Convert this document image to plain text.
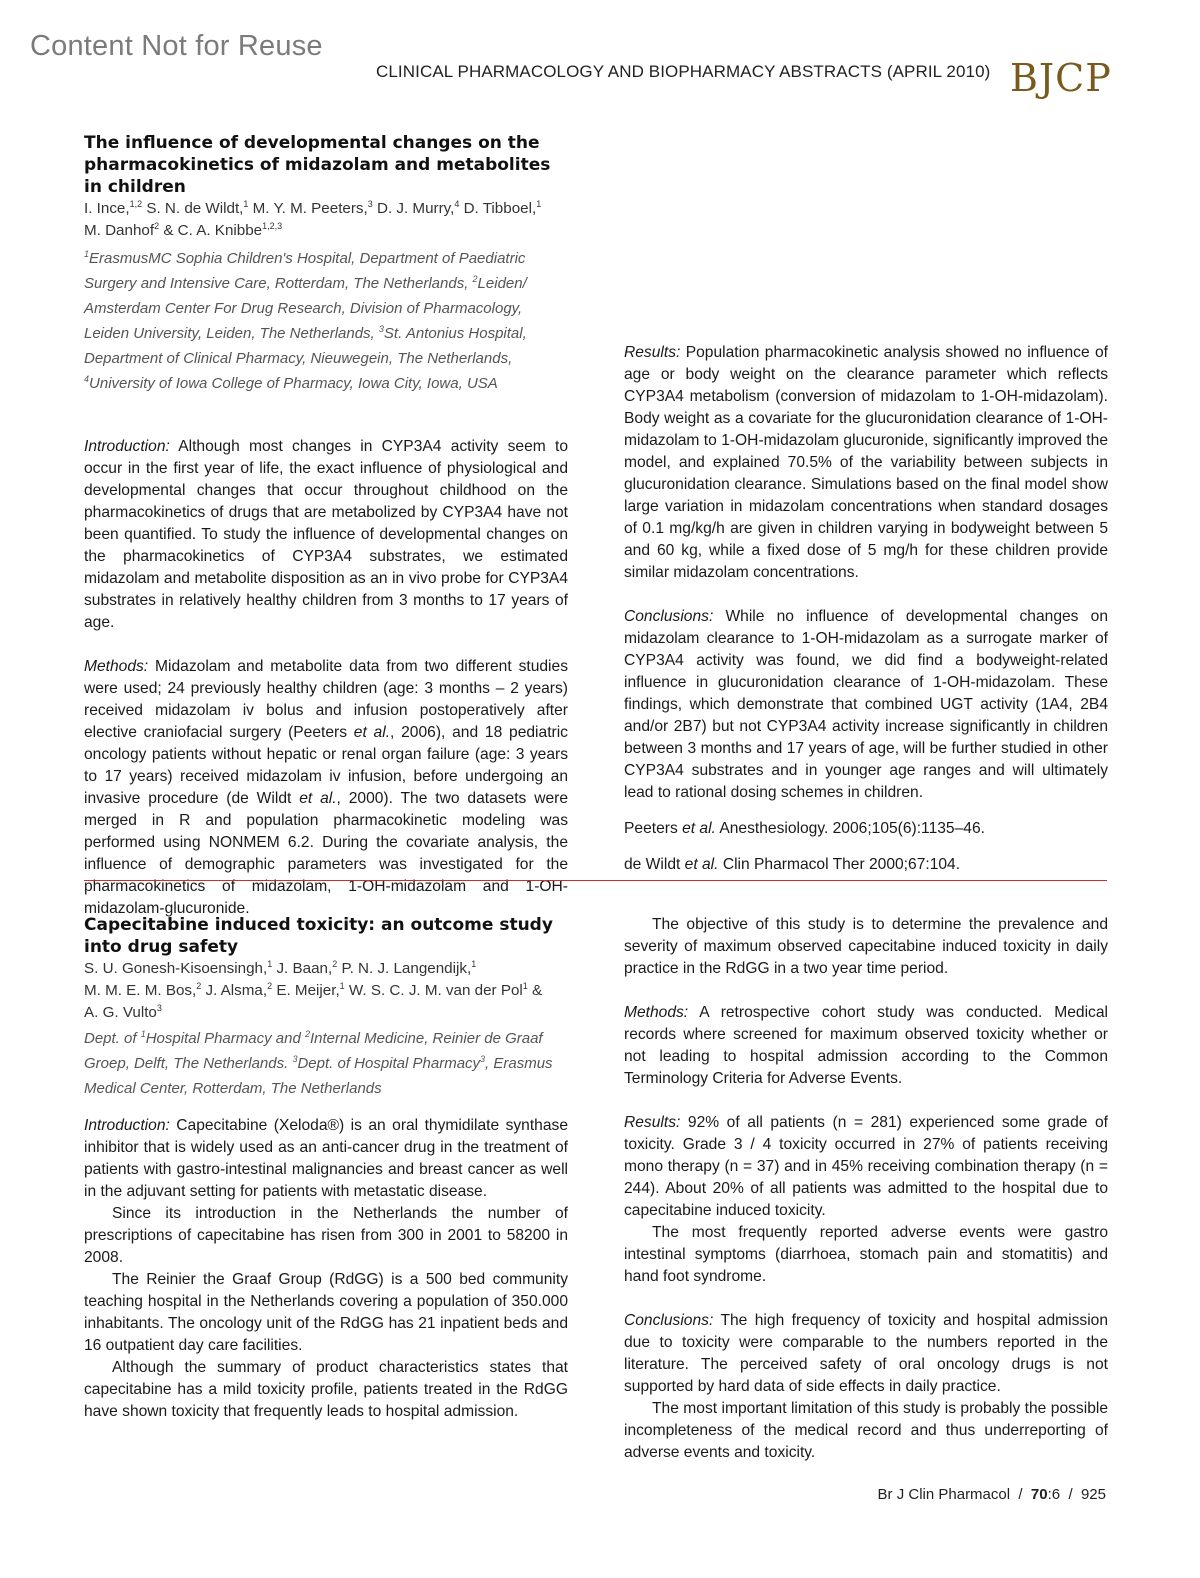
Content Not for Reuse
CLINICAL PHARMACOLOGY AND BIOPHARMACY ABSTRACTS (APRIL 2010) BJCP

The influence of developmental changes on the pharmacokinetics of midazolam and metabolites in children

I. Ince,$^{1,2}$ S. N. de Wildt,$^1$ M. Y. M. Peeters,$^3$ D. J. Murry,$^4$ D. Tibboel,$^1$
M. Danhof$^2$ & C. A. Knibbe$^{1,2,3}$

$^1$ErasmusMC Sophia Children's Hospital, Department of Paediatric Surgery and Intensive Care, Rotterdam, The Netherlands, $^2$Leiden/ Amsterdam Center For Drug Research, Division of Pharmacology, Leiden University, Leiden, The Netherlands, $^3$St. Antonius Hospital, Department of Clinical Pharmacy, Nieuwegein, The Netherlands, $^4$University of Iowa College of Pharmacy, Iowa City, Iowa, USA

Introduction: Although most changes in CYP3A4 activity seem to occur in the first year of life, the exact influence of physiological and developmental changes that occur throughout childhood on the pharmacokinetics of drugs that are metabolized by CYP3A4 have not been quantified. To study the influence of developmental changes on the pharmacokinetics of CYP3A4 substrates, we estimated midazolam and metabolite disposition as an in vivo probe for CYP3A4 substrates in relatively healthy children from 3 months to 17 years of age.

Methods: Midazolam and metabolite data from two different studies were used; 24 previously healthy children (age: 3 months – 2 years) received midazolam iv bolus and infusion postoperatively after elective craniofacial surgery (Peeters et al., 2006), and 18 pediatric oncology patients without hepatic or renal organ failure (age: 3 years to 17 years) received midazolam iv infusion, before undergoing an invasive procedure (de Wildt et al., 2000). The two datasets were merged in R and population pharmacokinetic modeling was performed using NONMEM 6.2. During the covariate analysis, the influence of demographic parameters was investigated for the pharmacokinetics of midazolam, 1-OH-midazolam and 1-OH-midazolam-glucuronide.

Results: Population pharmacokinetic analysis showed no influence of age or body weight on the clearance parameter which reflects CYP3A4 metabolism (conversion of midazolam to 1-OH-midazolam). Body weight as a covariate for the glucuronidation clearance of 1-OH-midazolam to 1-OH-midazolam glucuronide, significantly improved the model, and explained 70.5% of the variability between subjects in glucuronidation clearance. Simulations based on the final model show large variation in midazolam concentrations when standard dosages of 0.1 mg/kg/h are given in children varying in bodyweight between 5 and 60 kg, while a fixed dose of 5 mg/h for these children provide similar midazolam concentrations.

Conclusions: While no influence of developmental changes on midazolam clearance to 1-OH-midazolam as a surrogate marker of CYP3A4 activity was found, we did find a bodyweight-related influence in glucuronidation clearance of 1-OH-midazolam. These findings, which demonstrate that combined UGT activity (1A4, 2B4 and/or 2B7) but not CYP3A4 activity increase significantly in children between 3 months and 17 years of age, will be further studied in other CYP3A4 substrates and in younger age ranges and will ultimately lead to rational dosing schemes in children.

Peeters et al. Anesthesiology. 2006;105(6):1135–46.

de Wildt et al. Clin Pharmacol Ther 2000;67:104.

Capecitabine induced toxicity: an outcome study into drug safety

S. U. Gonesh-Kisoensingh,$^1$ J. Baan,$^2$ P. N. J. Langendijk,$^1$
M. M. E. M. Bos,$^2$ J. Alsma,$^2$ E. Meijer,$^1$ W. S. C. J. M. van der Pol$^1$ &
A. G. Vulto$^3$

Dept. of $^1$Hospital Pharmacy and $^2$Internal Medicine, Reinier de Graaf Groep, Delft, The Netherlands. $^3$Dept. of Hospital Pharmacy$^3$, Erasmus Medical Center, Rotterdam, The Netherlands

Introduction: Capecitabine (Xeloda®) is an oral thymidilate synthase inhibitor that is widely used as an anti-cancer drug in the treatment of patients with gastro-intestinal malignancies and breast cancer as well in the adjuvant setting for patients with metastatic disease.

Since its introduction in the Netherlands the number of prescriptions of capecitabine has risen from 300 in 2001 to 58200 in 2008.

The Reinier the Graaf Group (RdGG) is a 500 bed community teaching hospital in the Netherlands covering a population of 350.000 inhabitants. The oncology unit of the RdGG has 21 inpatient beds and 16 outpatient day care facilities.

Although the summary of product characteristics states that capecitabine has a mild toxicity profile, patients treated in the RdGG have shown toxicity that frequently leads to hospital admission.

The objective of this study is to determine the prevalence and severity of maximum observed capecitabine induced toxicity in daily practice in the RdGG in a two year time period.

Methods: A retrospective cohort study was conducted. Medical records where screened for maximum observed toxicity whether or not leading to hospital admission according to the Common Terminology Criteria for Adverse Events.

Results: 92% of all patients (n = 281) experienced some grade of toxicity. Grade 3 / 4 toxicity occurred in 27% of patients receiving mono therapy (n = 37) and in 45% receiving combination therapy (n = 244). About 20% of all patients was admitted to the hospital due to capecitabine induced toxicity.

The most frequently reported adverse events were gastro intestinal symptoms (diarrhoea, stomach pain and stomatitis) and hand foot syndrome.

Conclusions: The high frequency of toxicity and hospital admission due to toxicity were comparable to the numbers reported in the literature. The perceived safety of oral oncology drugs is not supported by hard data of side effects in daily practice.

The most important limitation of this study is probably the possible incompleteness of the medical record and thus underreporting of adverse events and toxicity.

Br J Clin Pharmacol  /  70:6  /  925
